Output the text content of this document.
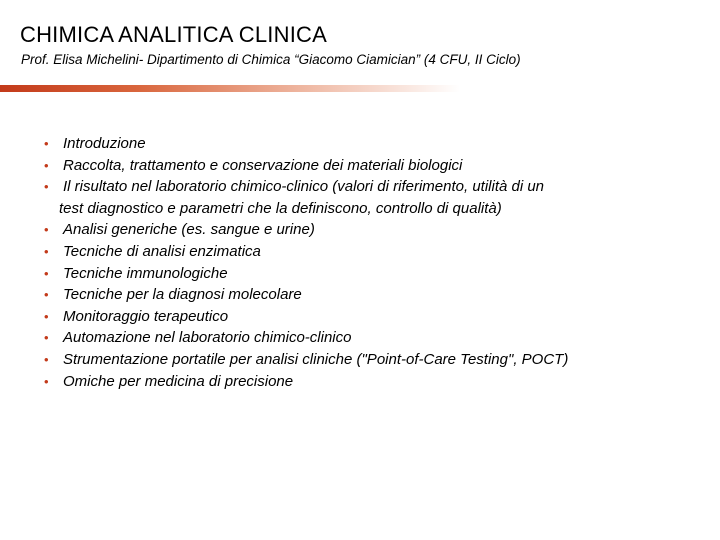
CHIMICA ANALITICA CLINICA
Prof. Elisa Michelini- Dipartimento di Chimica “Giacomo Ciamician” (4 CFU, II Ciclo)
• Introduzione
• Raccolta, trattamento e conservazione dei materiali biologici
• Il risultato nel laboratorio chimico-clinico (valori di riferimento, utilità di un
test diagnostico e parametri che la definiscono, controllo di qualità)
• Analisi generiche (es. sangue e urine)
• Tecniche di analisi enzimatica
• Tecniche immunologiche
• Tecniche per la diagnosi molecolare
• Monitoraggio terapeutico
• Automazione nel laboratorio chimico-clinico
• Strumentazione portatile per analisi cliniche ("Point-of-Care Testing", POCT)
• Omiche per medicina di precisione
